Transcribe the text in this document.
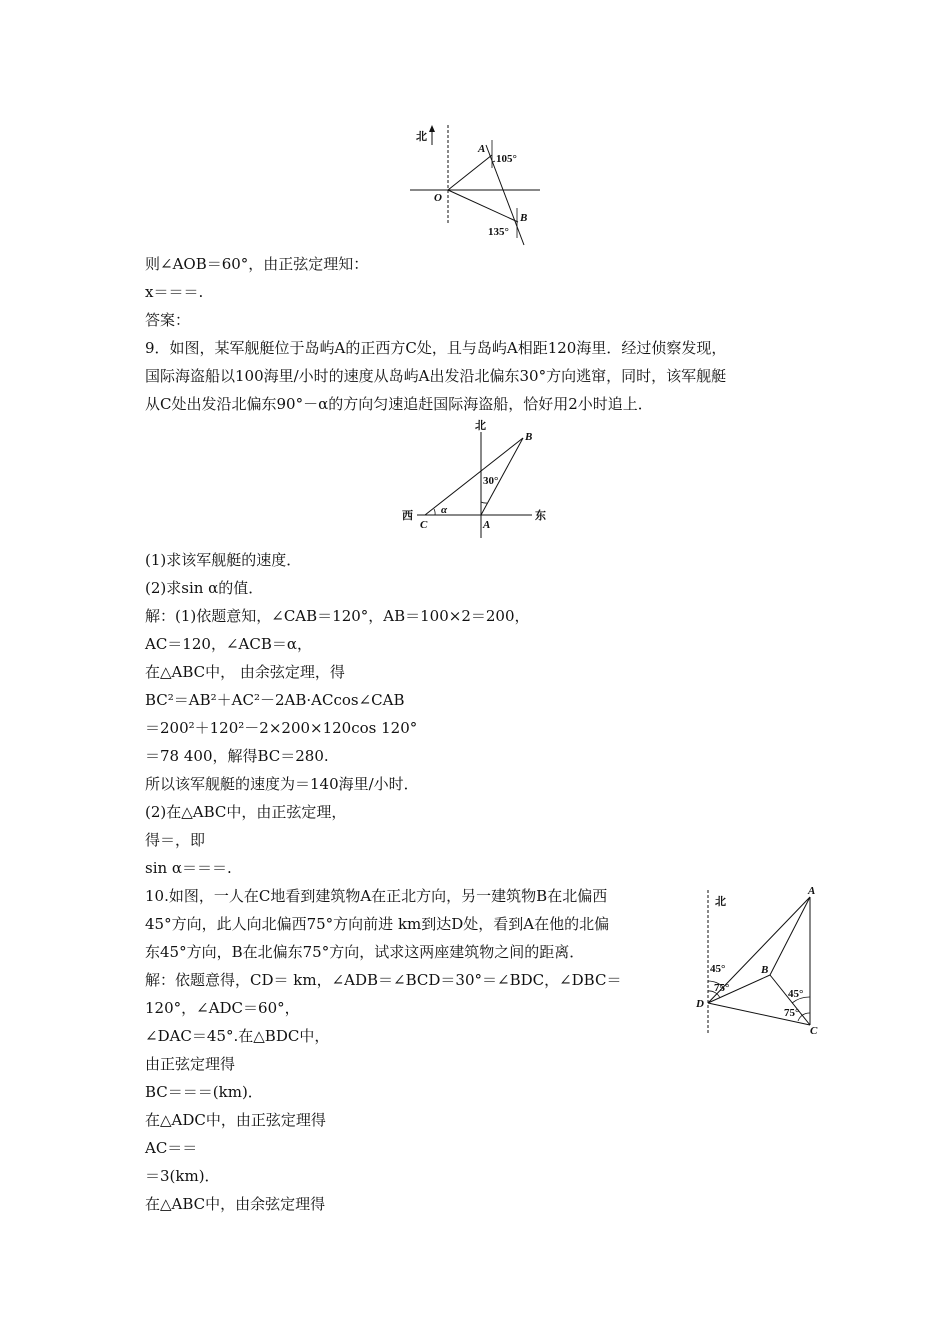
北
A
B
O
105°
135°
北
西	东
B
C	A
α
30°
北
A
B
C
D
45°
75°	45°
75°
则∠AOB＝60°，由正弦定理知：
x＝＝＝.
答案：
9．如图，某军舰艇位于岛屿A的正西方C处，且与岛屿A相距120海里．经过侦察发现，
国际海盗船以100海里/小时的速度从岛屿A出发沿北偏东30°方向逃窜，同时，该军舰艇
从C处出发沿北偏东90°－α的方向匀速追赶国际海盗船，恰好用2小时追上．
(1)求该军舰艇的速度．
(2)求sin α的值．
解：(1)依题意知，∠CAB＝120°，AB＝100×2＝200，
AC＝120，∠ACB＝α，
在△ABC中， 由余弦定理，得
BC²＝AB²＋AC²－2AB·ACcos∠CAB
＝200²＋120²－2×200×120cos 120°
＝78 400，解得BC＝280.
所以该军舰艇的速度为＝140海里/小时．
(2)在△ABC中，由正弦定理，
得＝，即
sin α＝＝＝.
10.如图，一人在C地看到建筑物A在正北方向，另一建筑物B在北偏西
45°方向，此人向北偏西75°方向前进 km到达D处，看到A在他的北偏
东45°方向，B在北偏东75°方向，试求这两座建筑物之间的距离．
解：依题意得，CD＝ km，∠ADB＝∠BCD＝30°＝∠BDC，∠DBC＝
120°，∠ADC＝60°，
∠DAC＝45°.在△BDC中，
由正弦定理得
BC＝＝＝(km)．
在△ADC中，由正弦定理得
AC＝＝
＝3(km)．
在△ABC中，由余弦定理得
